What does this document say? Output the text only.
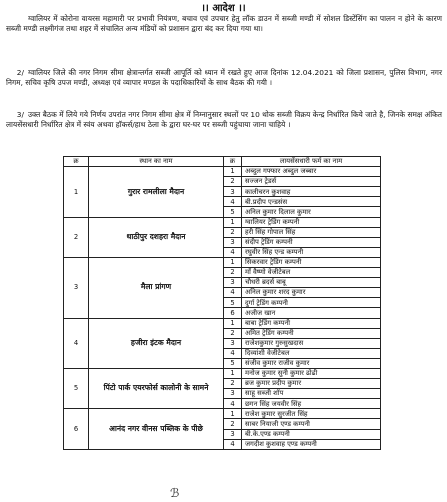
।। आदेश ।।

ग्वालियर में कोरोना वायरस महामारी पर प्रभावी नियंत्रण, बचाव एवं उपचार हेतु लॉक डाउन में सब्जी मण्डी में सोशल डिस्टेंसिंग का पालन न होने के कारण सब्जी मण्डी लक्ष्मीगंज तथा शहर में संचालित अन्य मंडियों को प्रशासन द्वारा बंद कर दिया गया था।

2/ ग्वालियर जिले की नगर निगम सीमा क्षेत्रान्तर्गत सब्जी आपूर्ति को ध्यान में रखते हुए आज दिनांक 12.04.2021 को जिला प्रशासन, पुलिस विभाग, नगर निगम, सचिव कृषि उपज मण्डी, अध्यक्ष एवं व्यापार मण्डल के पदाधिकारियों के साथ बैठक की गयी ।

3/ उक्त बैठक में लिये गये निर्णय उपरांत नगर निगम सीमा क्षेत्र में निम्नानुसार स्थलों पर 10 थोक सब्जी विक्रय केन्द्र निर्धारित किये जाते है, जिनके समक्ष अंकित लायसेंसधारी निर्धारित क्षेत्र में स्वंय अथवा हॉकर्स/हाथ ठेला के द्वारा घर-घर पर सब्जी पहुंचाया जाना चाहिये ।

क्र	स्थान का नाम	क्र	लायसेंसधारी फर्म का नाम
1	गुरार रामलीला मैदान	1	अब्दुल गफ्फार अब्दुल जब्बार
		2	सज्जन ट्रेडर्स
		3	कालीचरन कुशवाह
		4	बी.प्रदीप एन्डसंस
		5	अनिल कुमार दिलाल कुमार
2	थाठीपुर दशहरा मैदान	1	ग्वालियर ट्रेडिंग कम्पनी
		2	हरी सिंह गोपाल सिंह
		3	संदीप ट्रेडिंग कम्पनी
		4	रघुवीर सिंह एन्ड कम्पनी
3	मैला प्रांगण	1	सिकरवार ट्रेडिंग कम्पनी
		2	माँ वैष्णो वेजीटेबल
		3	चौधरी ब्रदर्स बाबू
		4	अनिल कुमार शरद कुमार
		5	दुर्गा ट्रेडिंग कम्पनी
		6	अजीज खान
4	हजीरा इंटक मैदान	1	बाबा ट्रेडिंग कम्पनी
		2	अमित ट्रेडिंग कम्पनी
		3	राजेशकुमार गुरुसुखदास
		4	दिव्यांशी वेजीटेबल
		5	संजीव कुमार राजीव कुमार
5	पिंटो पार्क एयरफोर्स कालोनी के सामने	1	मनोज कुमार सुनी कुमार ढोढी
		2	ब्रज कुमार प्रदीप कुमार
		3	साहू सब्जी शॉप
		4	छगन सिंह जयवीर सिंह
6	आनंद नगर वीनस पब्लिक के पीछे	1	राजेश कुमार सुरजीत सिंह
		2	साबर नियाजी एण्ड कम्पनी
		3	बी.के.एण्ड कम्पनी
		4	जगदीश कुशवाह एण्ड कम्पनी
ℬ
